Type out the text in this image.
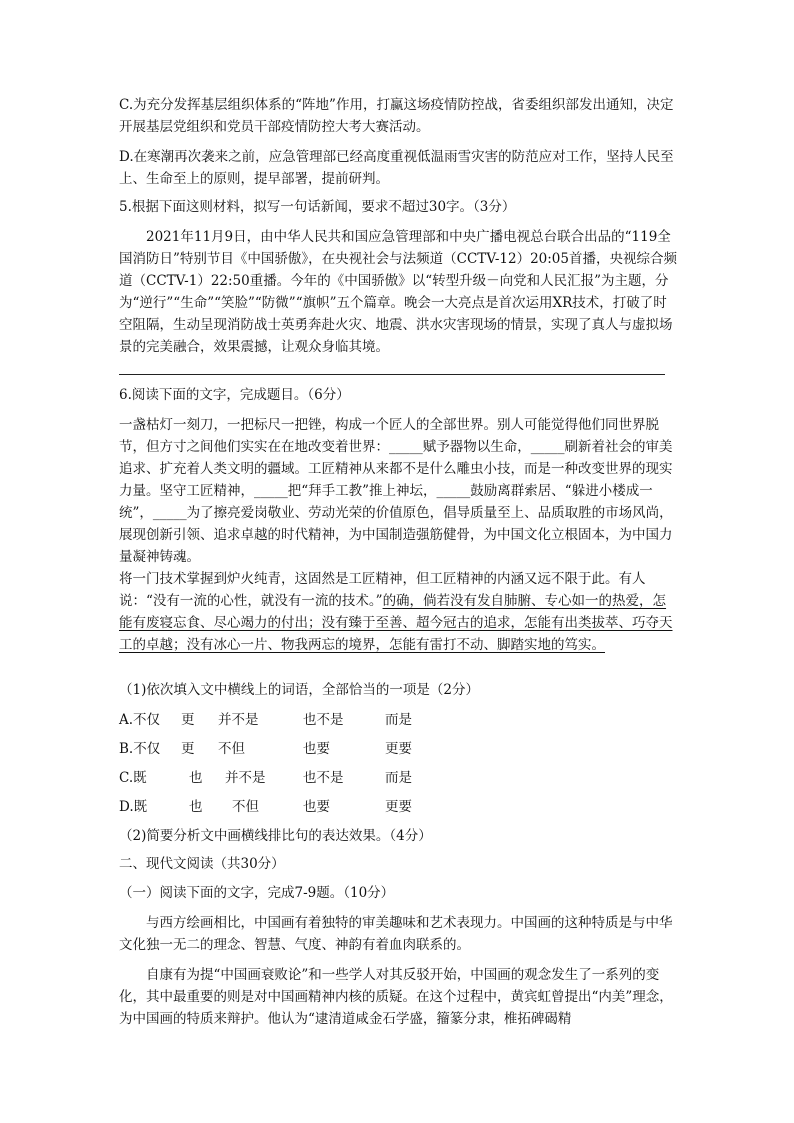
C.为充分发挥基层组织体系的“阵地”作用，打赢这场疫情防控战，省委组织部发出通知，决定开展基层党组织和党员干部疫情防控大考大赛活动。

D.在寒潮再次袭来之前，应急管理部已经高度重视低温雨雪灾害的防范应对工作，坚持人民至上、生命至上的原则，提早部署，提前研判。

5.根据下面这则材料，拟写一句话新闻，要求不超过30字。（3分）

2021年11月9日，由中华人民共和国应急管理部和中央广播电视总台联合出品的“119全国消防日”特别节目《中国骄傲》，在央视社会与法频道（CCTV-12）20:05首播，央视综合频道（CCTV-1）22:50重播。今年的《中国骄傲》以“转型升级－向党和人民汇报”为主题，分为“逆行”“生命”“笑脸”“防微”“旗帜”五个篇章。晚会一大亮点是首次运用XR技术，打破了时空阻隔，生动呈现消防战士英勇奔赴火灾、地震、洪水灾害现场的情景，实现了真人与虚拟场景的完美融合，效果震撼，让观众身临其境。

6.阅读下面的文字，完成题目。（6分）

一盏枯灯一刻刀，一把标尺一把锉，构成一个匠人的全部世界。别人可能觉得他们同世界脱节，但方寸之间他们实实在在地改变着世界：_____赋予器物以生命，_____刷新着社会的审美追求、扩充着人类文明的疆域。工匠精神从来都不是什么雕虫小技，而是一种改变世界的现实力量。坚守工匠精神，_____把“拜手工教”推上神坛，_____鼓励离群索居、“躲进小楼成一统”，_____为了擦亮爱岗敬业、劳动光荣的价值原色，倡导质量至上、品质取胜的市场风尚，展现创新引领、追求卓越的时代精神，为中国制造强筋健骨，为中国文化立根固本，为中国力量凝神铸魂。

将一门技术掌握到炉火纯青，这固然是工匠精神，但工匠精神的内涵又远不限于此。有人说：“没有一流的心性，就没有一流的技术。”的确，倘若没有发自肺腑、专心如一的热爱，怎能有废寝忘食、尽心竭力的付出；没有臻于至善、超今冠古的追求，怎能有出类拔萃、巧夺天工的卓越；没有冰心一片、物我两忘的境界，怎能有雷打不动、脚踏实地的笃实。

（1)依次填入文中横线上的词语，全部恰当的一项是（2分）

A.不仅 更 并不是	也不是	而是
B.不仅 更 不但	也要	更要
C.既	也 并不是	也不是	而是
D.既	也 不但	也要	更要

（2)简要分析文中画横线排比句的表达效果。（4分）

二、现代文阅读（共30分）

（一）阅读下面的文字，完成7-9题。（10分）

与西方绘画相比，中国画有着独特的审美趣味和艺术表现力。中国画的这种特质是与中华文化独一无二的理念、智慧、气度、神韵有着血肉联系的。

自康有为提“中国画衰败论”和一些学人对其反驳开始，中国画的观念发生了一系列的变化，其中最重要的则是对中国画精神内核的质疑。在这个过程中，黄宾虹曾提出“内美”理念，为中国画的特质来辩护。他认为“逮清道咸金石学盛，籀篆分隶，椎拓碑碣精
